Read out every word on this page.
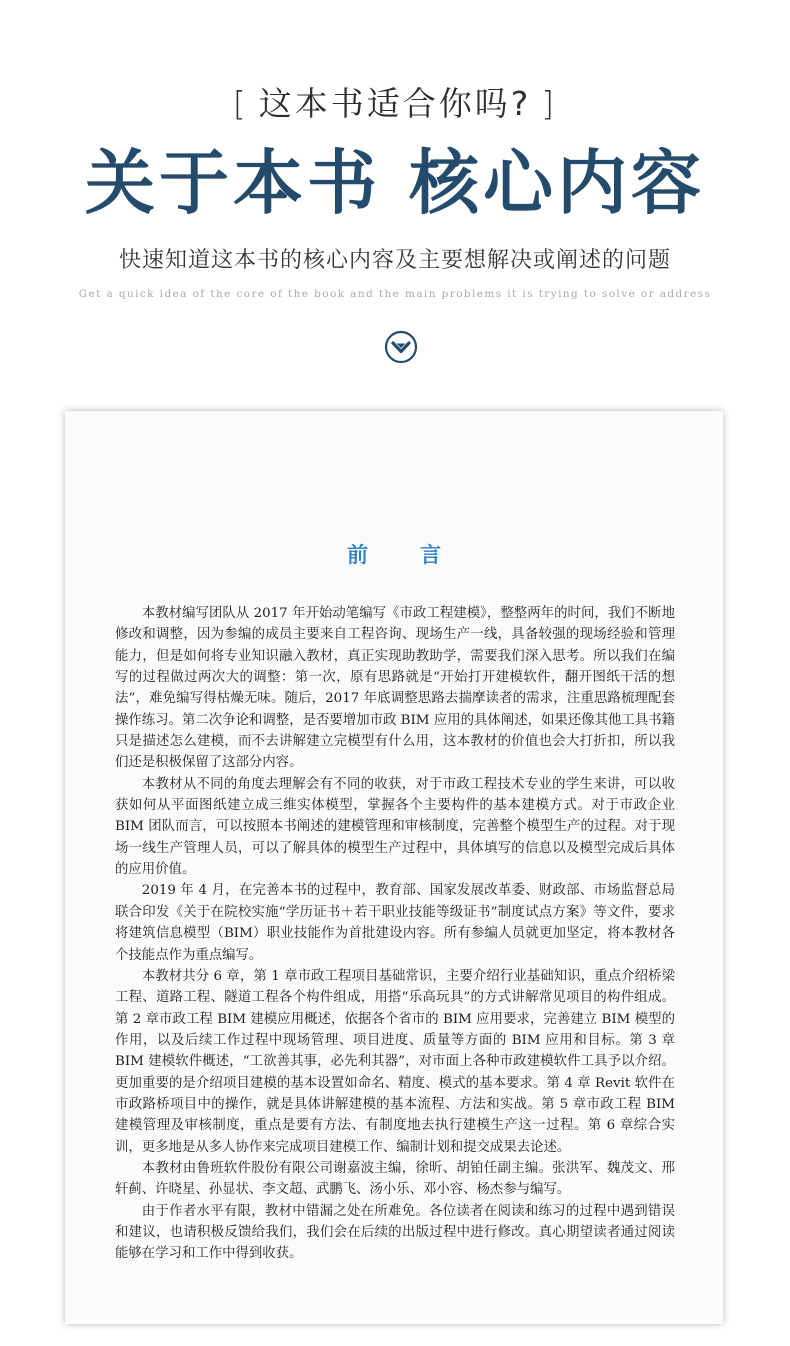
[ 这本书适合你吗? ]
关于本书 核心内容
快速知道这本书的核心内容及主要想解决或阐述的问题
Get a quick idea of the core of the book and the main problems it is trying to solve or address
前 言

本教材编写团队从 2017 年开始动笔编写《市政工程建模》，整整两年的时间，我们不断地修改和调整，因为参编的成员主要来自工程咨询、现场生产一线，具备较强的现场经验和管理能力，但是如何将专业知识融入教材，真正实现助教助学，需要我们深入思考。所以我们在编写的过程做过两次大的调整：第一次，原有思路就是“开始打开建模软件，翻开图纸干活的想法”，难免编写得枯燥无味。随后，2017 年底调整思路去揣摩读者的需求，注重思路梳理配套操作练习。第二次争论和调整，是否要增加市政 BIM 应用的具体阐述，如果还像其他工具书籍只是描述怎么建模，而不去讲解建立完模型有什么用，这本教材的价值也会大打折扣，所以我们还是积极保留了这部分内容。

本教材从不同的角度去理解会有不同的收获，对于市政工程技术专业的学生来讲，可以收获如何从平面图纸建立成三维实体模型，掌握各个主要构件的基本建模方式。对于市政企业 BIM 团队而言，可以按照本书阐述的建模管理和审核制度，完善整个模型生产的过程。对于现场一线生产管理人员，可以了解具体的模型生产过程中，具体填写的信息以及模型完成后具体的应用价值。

2019 年 4 月，在完善本书的过程中，教育部、国家发展改革委、财政部、市场监督总局联合印发《关于在院校实施“学历证书＋若干职业技能等级证书”制度试点方案》等文件，要求将建筑信息模型（BIM）职业技能作为首批建设内容。所有参编人员就更加坚定，将本教材各个技能点作为重点编写。

本教材共分 6 章，第 1 章市政工程项目基础常识，主要介绍行业基础知识，重点介绍桥梁工程、道路工程、隧道工程各个构件组成，用搭“乐高玩具”的方式讲解常见项目的构件组成。第 2 章市政工程 BIM 建模应用概述，依据各个省市的 BIM 应用要求，完善建立 BIM 模型的作用，以及后续工作过程中现场管理、项目进度、质量等方面的 BIM 应用和目标。第 3 章 BIM 建模软件概述，“工欲善其事，必先利其器”，对市面上各种市政建模软件工具予以介绍。更加重要的是介绍项目建模的基本设置如命名、精度、模式的基本要求。第 4 章 Revit 软件在市政路桥项目中的操作，就是具体讲解建模的基本流程、方法和实战。第 5 章市政工程 BIM 建模管理及审核制度，重点是要有方法、有制度地去执行建模生产这一过程。第 6 章综合实训，更多地是从多人协作来完成项目建模工作、编制计划和提交成果去论述。

本教材由鲁班软件股份有限公司谢嘉波主编，徐昕、胡铂任副主编。张洪军、魏茂文、邢轩蓟、许晓星、孙显状、李文超、武鹏飞、汤小乐、邓小容、杨杰参与编写。

由于作者水平有限，教材中错漏之处在所难免。各位读者在阅读和练习的过程中遇到错误和建议，也请积极反馈给我们，我们会在后续的出版过程中进行修改。真心期望读者通过阅读能够在学习和工作中得到收获。
